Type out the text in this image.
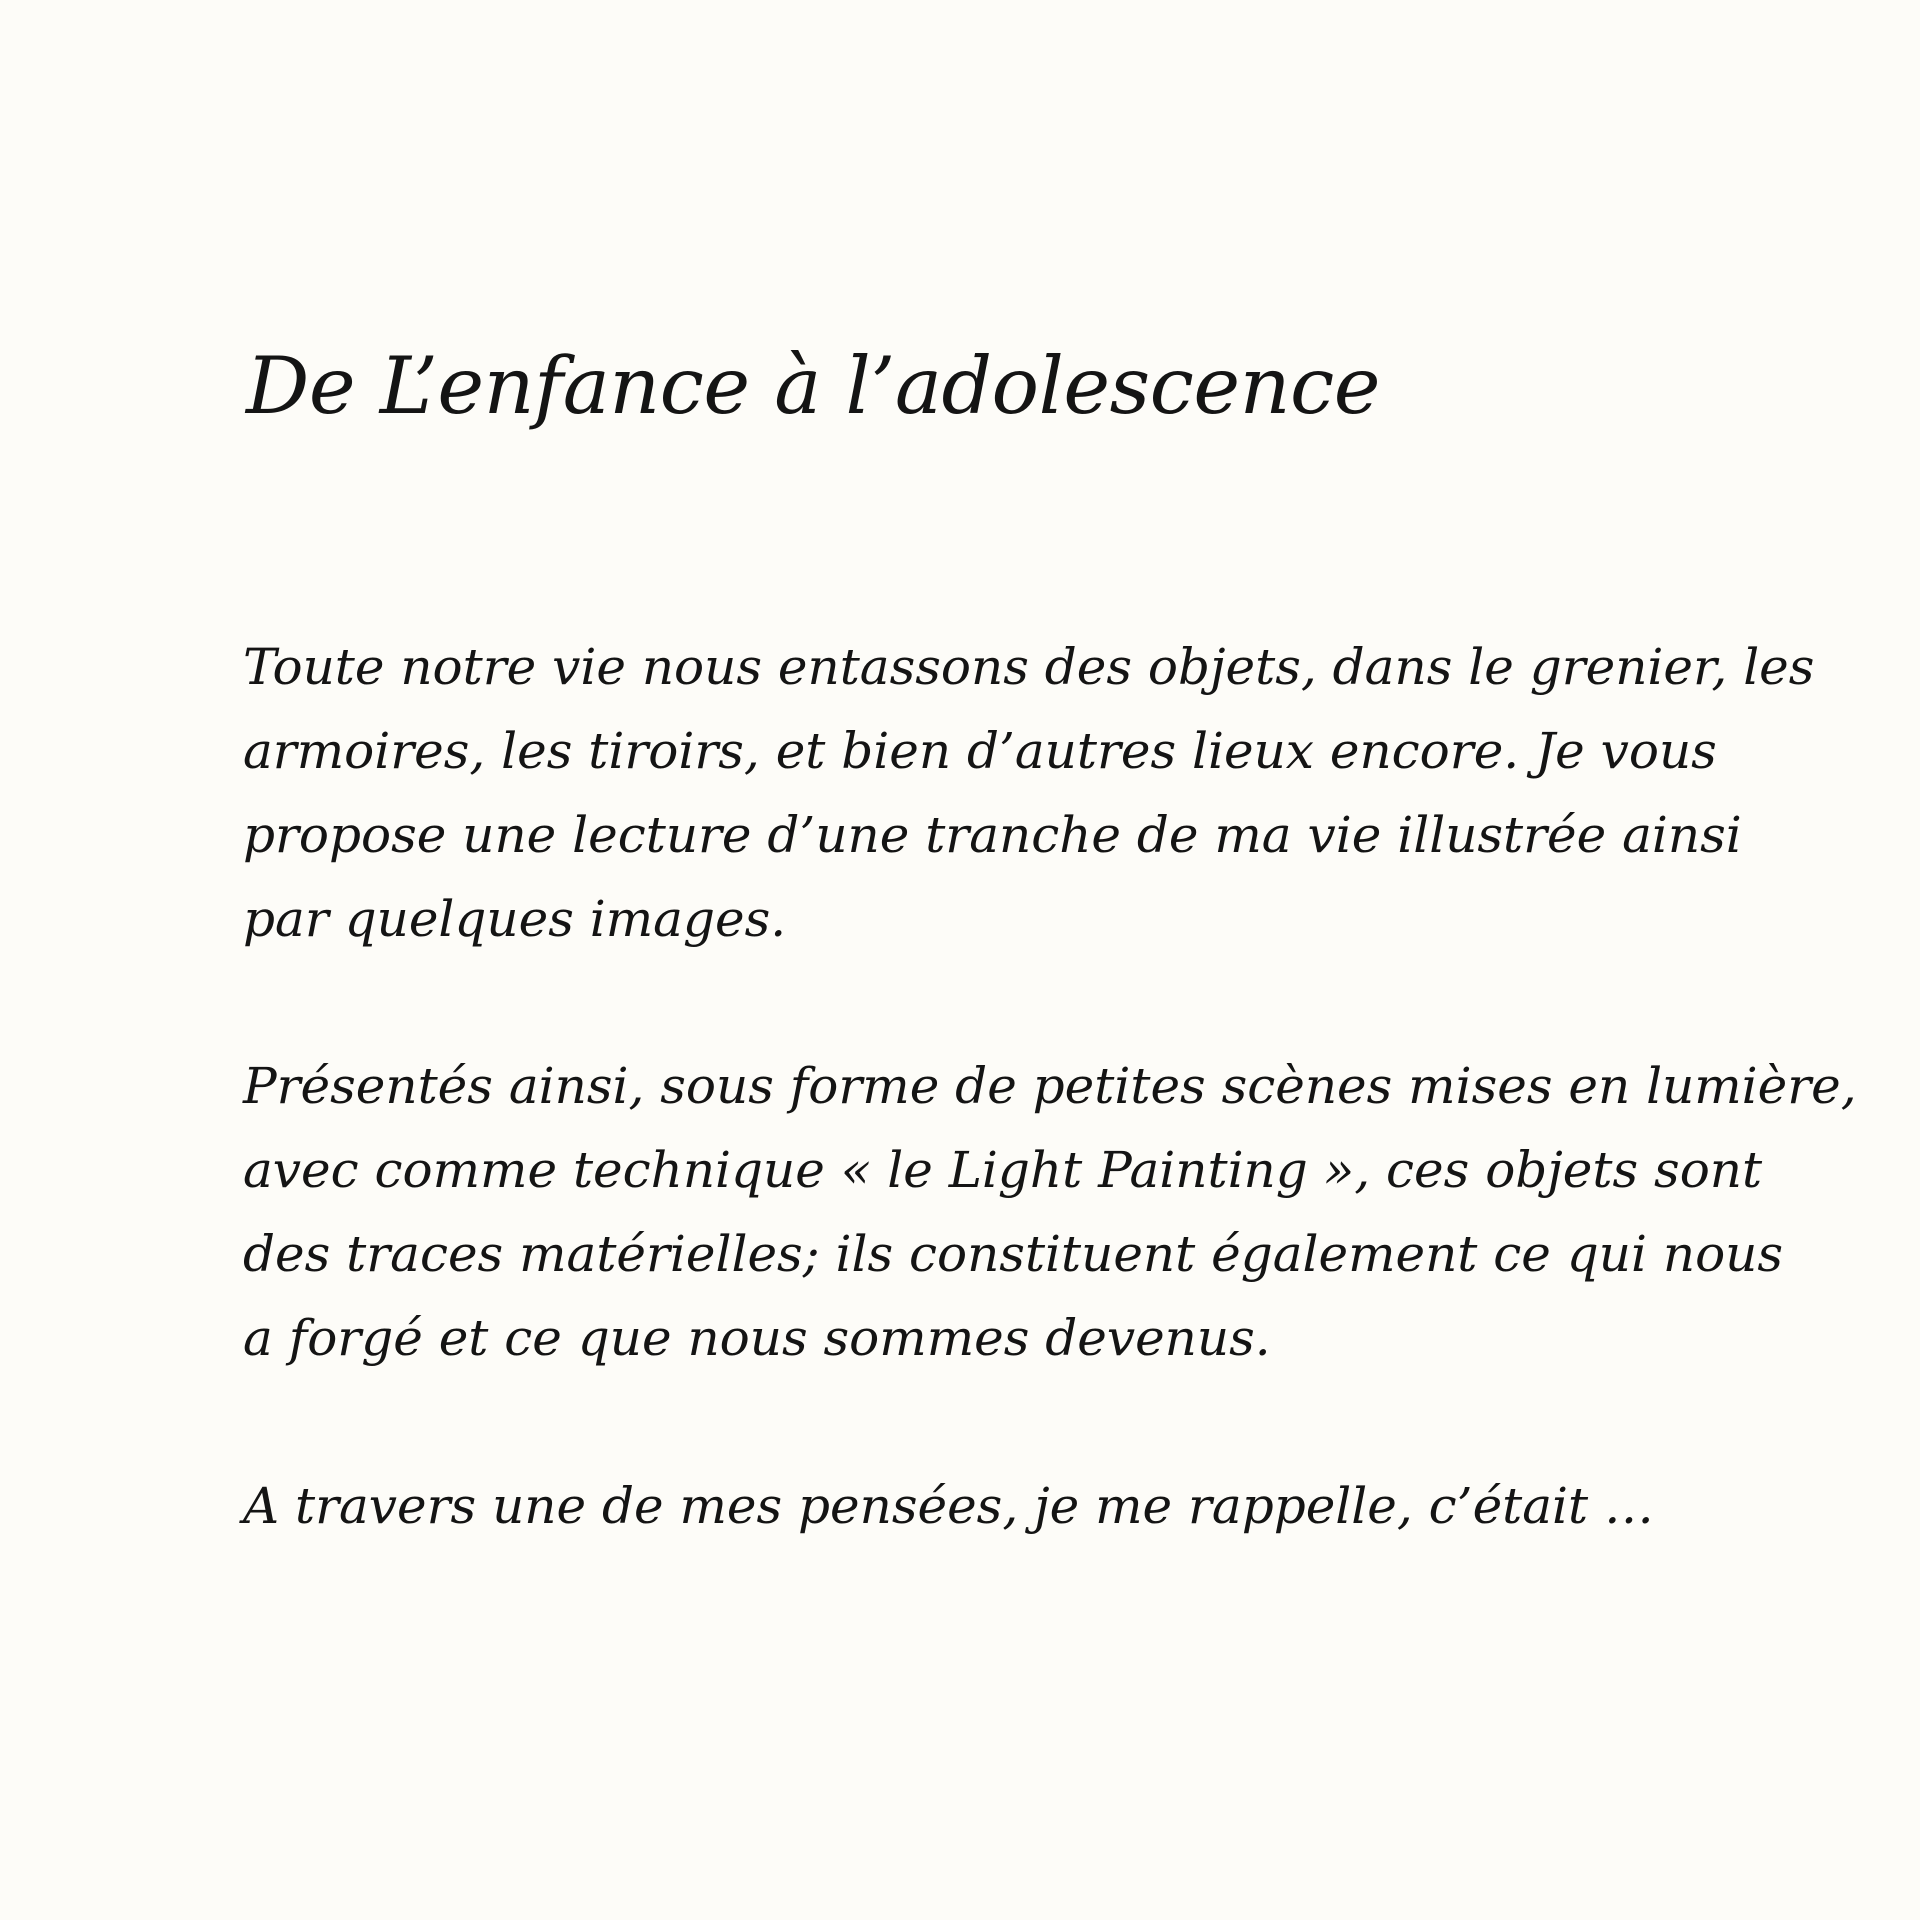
De L’enfance à l’adolescence

Toute notre vie nous entassons des objets, dans le grenier, les
armoires, les tiroirs, et bien d’autres lieux encore. Je vous
propose une lecture d’une tranche de ma vie illustrée ainsi
par quelques images.

Présentés ainsi, sous forme de petites scènes mises en lumière,
avec comme technique « le Light Painting », ces objets sont
des traces matérielles; ils constituent également ce qui nous
a forgé et ce que nous sommes devenus.

A travers une de mes pensées, je me rappelle, c’était …
